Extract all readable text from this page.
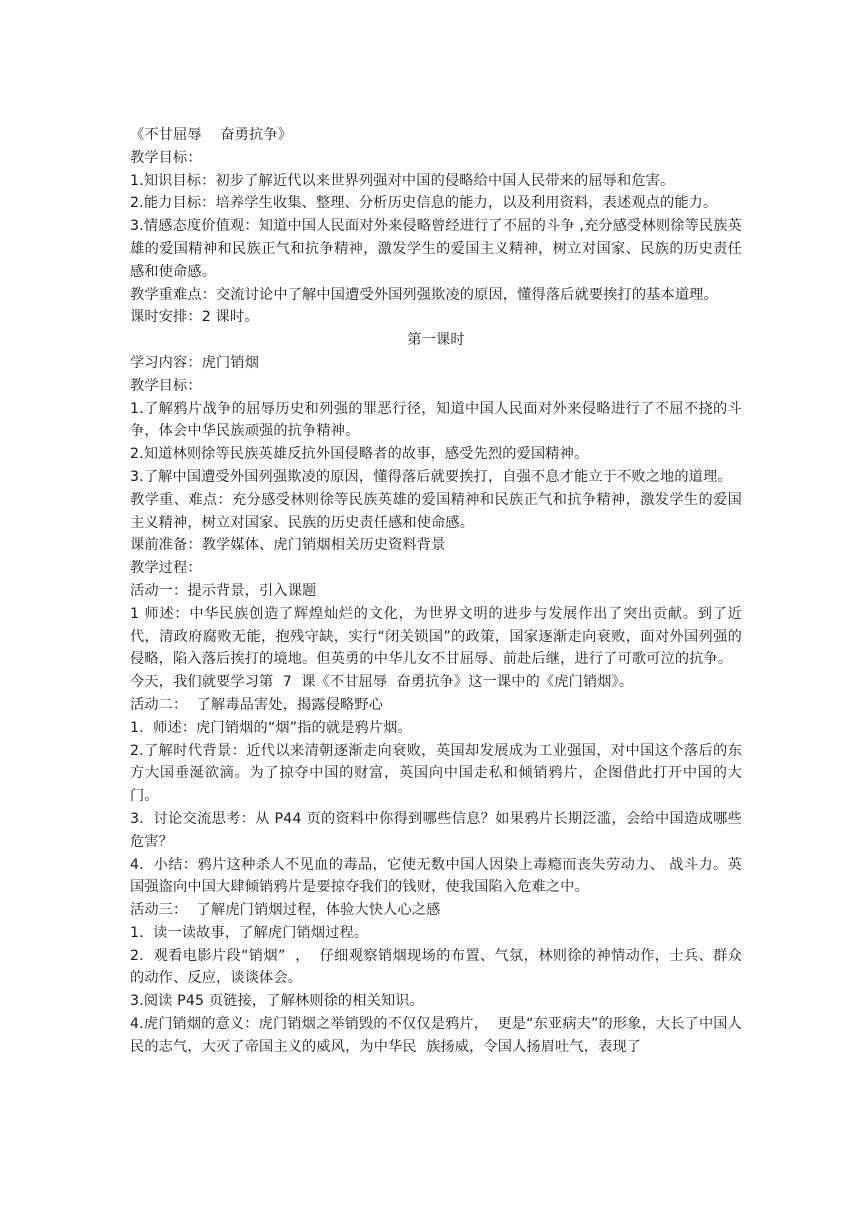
《不甘屈辱    奋勇抗争》
教学目标：
1.知识目标：初步了解近代以来世界列强对中国的侵略给中国人民带来的屈辱和危害。
2.能力目标：培养学生收集、整理、分析历史信息的能力，以及利用资料，表述观点的能力。
3.情感态度价值观：知道中国人民面对外来侵略曾经进行了不屈的斗争 ,充分感受林则徐等民族英雄的爱国精神和民族正气和抗争精神，激发学生的爱国主义精神，树立对国家、民族的历史责任感和使命感。
教学重难点：交流讨论中了解中国遭受外国列强欺凌的原因，懂得落后就要挨打的基本道理。
课时安排：2 课时。
第一课时
学习内容：虎门销烟
教学目标：
1.了解鸦片战争的屈辱历史和列强的罪恶行径，知道中国人民面对外来侵略进行了不屈不挠的斗争，体会中华民族顽强的抗争精神。
2.知道林则徐等民族英雄反抗外国侵略者的故事，感受先烈的爱国精神。
3.了解中国遭受外国列强欺凌的原因，懂得落后就要挨打，自强不息才能立于不败之地的道理。
教学重、难点：充分感受林则徐等民族英雄的爱国精神和民族正气和抗争精神，激发学生的爱国主义精神，树立对国家、民族的历史责任感和使命感。
课前准备：教学媒体、虎门销烟相关历史资料背景
教学过程：
活动一：提示背景，引入课题
1 师述：中华民族创造了辉煌灿烂的文化，为世界文明的进步与发展作出了突出贡献。到了近代，清政府腐败无能，抱残守缺，实行“闭关锁国”的政策，国家逐渐走向衰败，面对外国列强的侵略，陷入落后挨打的境地。但英勇的中华儿女不甘屈辱、前赴后继，进行了可歌可泣的抗争。
今天，我们就要学习第  7  课《不甘屈辱  奋勇抗争》这一课中的《虎门销烟》。
活动二：  了解毒品害处，揭露侵略野心
1.  师述：虎门销烟的“烟”指的就是鸦片烟。
2.了解时代背景：近代以来清朝逐渐走向衰败，英国却发展成为工业强国，对中国这个落后的东方大国垂涎欲滴。为了掠夺中国的财富，英国向中国走私和倾销鸦片，企图借此打开中国的大门。
3.  讨论交流思考：从 P44 页的资料中你得到哪些信息？如果鸦片长期泛滥，会给中国造成哪些危害？
4.  小结：鸦片这种杀人不见血的毒品，它使无数中国人因染上毒瘾而丧失劳动力、 战斗力。英国强盗向中国大肆倾销鸦片是要掠夺我们的钱财，使我国陷入危难之中。
活动三：  了解虎门销烟过程，体验大快人心之感
1.  读一读故事，了解虎门销烟过程。
2.  观看电影片段“销烟”  ，  仔细观察销烟现场的布置、气氛，林则徐的神情动作，士兵、群众的动作、反应，谈谈体会。
3.阅读 P45 页链接，了解林则徐的相关知识。
4.虎门销烟的意义：虎门销烟之举销毁的不仅仅是鸦片，  更是“东亚病夫”的形象，大长了中国人民的志气，大灭了帝国主义的威风，为中华民  族扬威，令国人扬眉吐气，表现了
